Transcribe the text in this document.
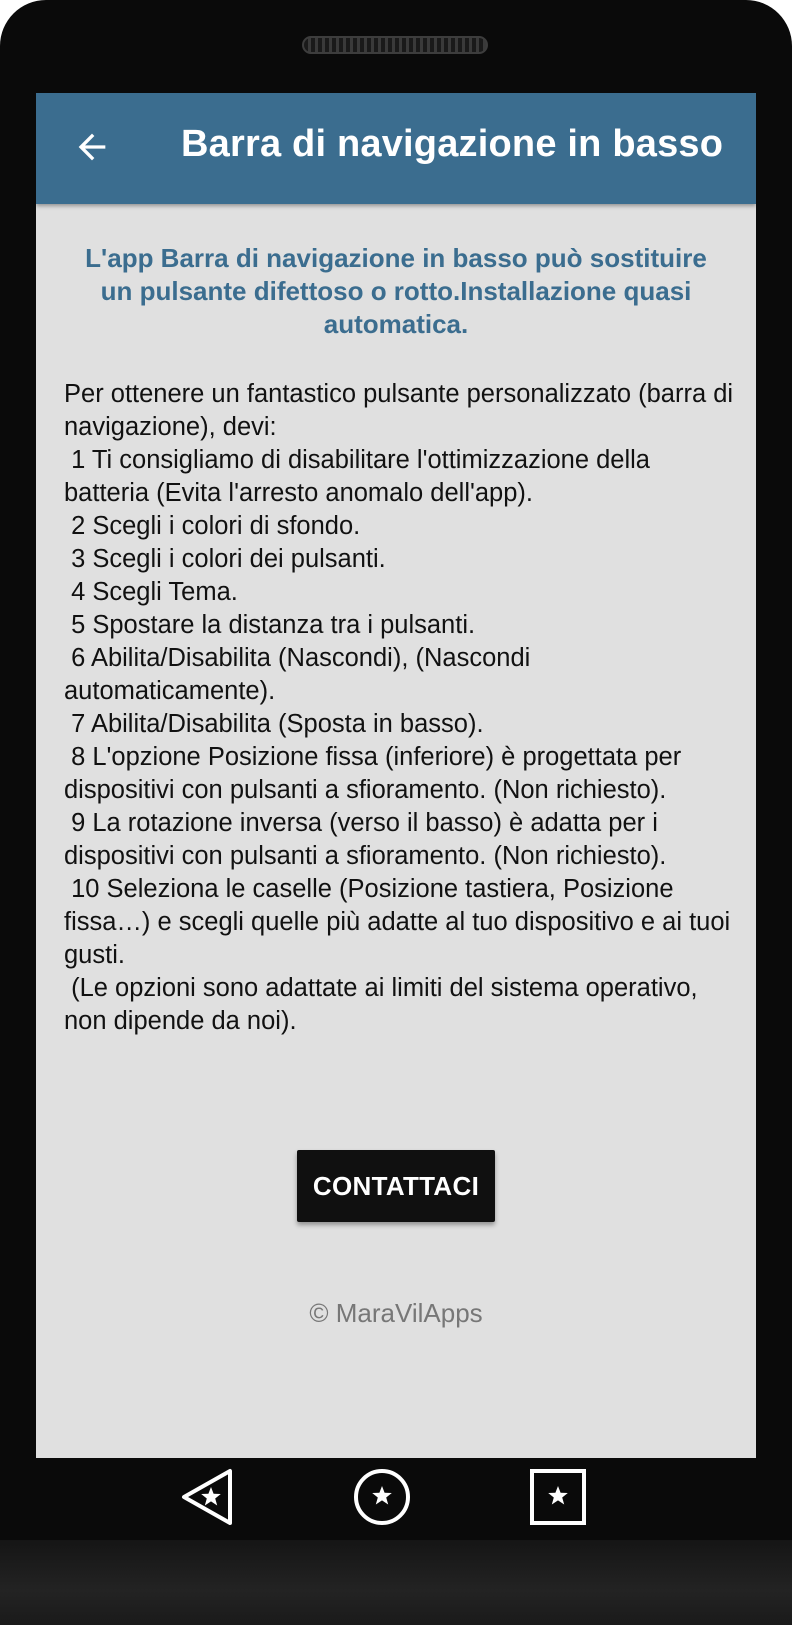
Barra di navigazione in basso
L'app Barra di navigazione in basso può sostituire un pulsante difettoso o rotto.Installazione quasi automatica.

Per ottenere un fantastico pulsante personalizzato (barra di navigazione), devi:
1 Ti consigliamo di disabilitare l'ottimizzazione della batteria (Evita l'arresto anomalo dell'app).
2 Scegli i colori di sfondo.
3 Scegli i colori dei pulsanti.
4 Scegli Tema.
5 Spostare la distanza tra i pulsanti.
6 Abilita/Disabilita (Nascondi), (Nascondi automaticamente).
7 Abilita/Disabilita (Sposta in basso).
8 L'opzione Posizione fissa (inferiore) è progettata per dispositivi con pulsanti a sfioramento. (Non richiesto).
9 La rotazione inversa (verso il basso) è adatta per i dispositivi con pulsanti a sfioramento. (Non richiesto).
10 Seleziona le caselle (Posizione tastiera, Posizione fissa…) e scegli quelle più adatte al tuo dispositivo e ai tuoi gusti.
(Le opzioni sono adattate ai limiti del sistema operativo, non dipende da noi).

CONTATTACI
© MaraVilApps
